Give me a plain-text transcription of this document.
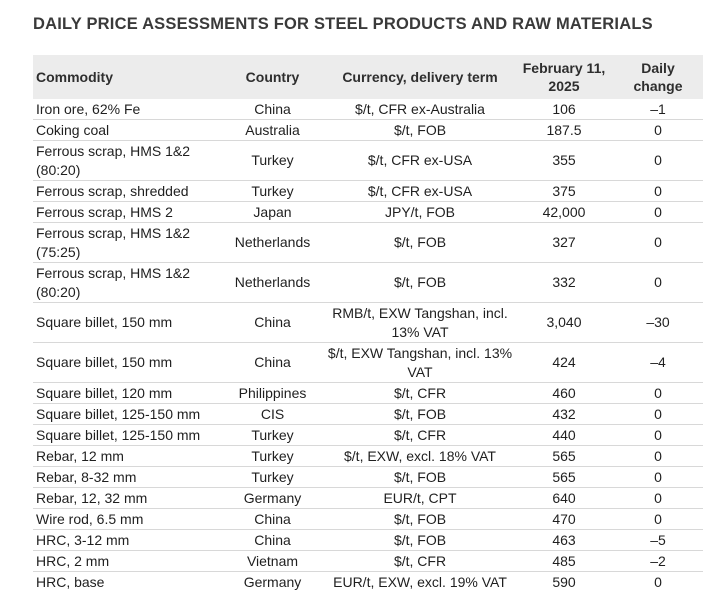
DAILY PRICE ASSESSMENTS FOR STEEL PRODUCTS AND RAW MATERIALS
Commodity	Country	Currency, delivery term	February 11, 2025	Daily change
Iron ore, 62% Fe	China	$/t, CFR ex-Australia	106	–1
Coking coal	Australia	$/t, FOB	187.5	0
Ferrous scrap, HMS 1&2 (80:20)	Turkey	$/t, CFR ex-USA	355	0
Ferrous scrap, shredded	Turkey	$/t, CFR ex-USA	375	0
Ferrous scrap, HMS 2	Japan	JPY/t, FOB	42,000	0
Ferrous scrap, HMS 1&2 (75:25)	Netherlands	$/t, FOB	327	0
Ferrous scrap, HMS 1&2 (80:20)	Netherlands	$/t, FOB	332	0
Square billet, 150 mm	China	RMB/t, EXW Tangshan, incl. 13% VAT	3,040	–30
Square billet, 150 mm	China	$/t, EXW Tangshan, incl. 13% VAT	424	–4
Square billet, 120 mm	Philippines	$/t, CFR	460	0
Square billet, 125-150 mm	CIS	$/t, FOB	432	0
Square billet, 125-150 mm	Turkey	$/t, CFR	440	0
Rebar, 12 mm	Turkey	$/t, EXW, excl. 18% VAT	565	0
Rebar, 8-32 mm	Turkey	$/t, FOB	565	0
Rebar, 12, 32 mm	Germany	EUR/t, CPT	640	0
Wire rod, 6.5 mm	China	$/t, FOB	470	0
HRC, 3-12 mm	China	$/t, FOB	463	–5
HRC, 2 mm	Vietnam	$/t, CFR	485	–2
HRC, base	Germany	EUR/t, EXW, excl. 19% VAT	590	0
